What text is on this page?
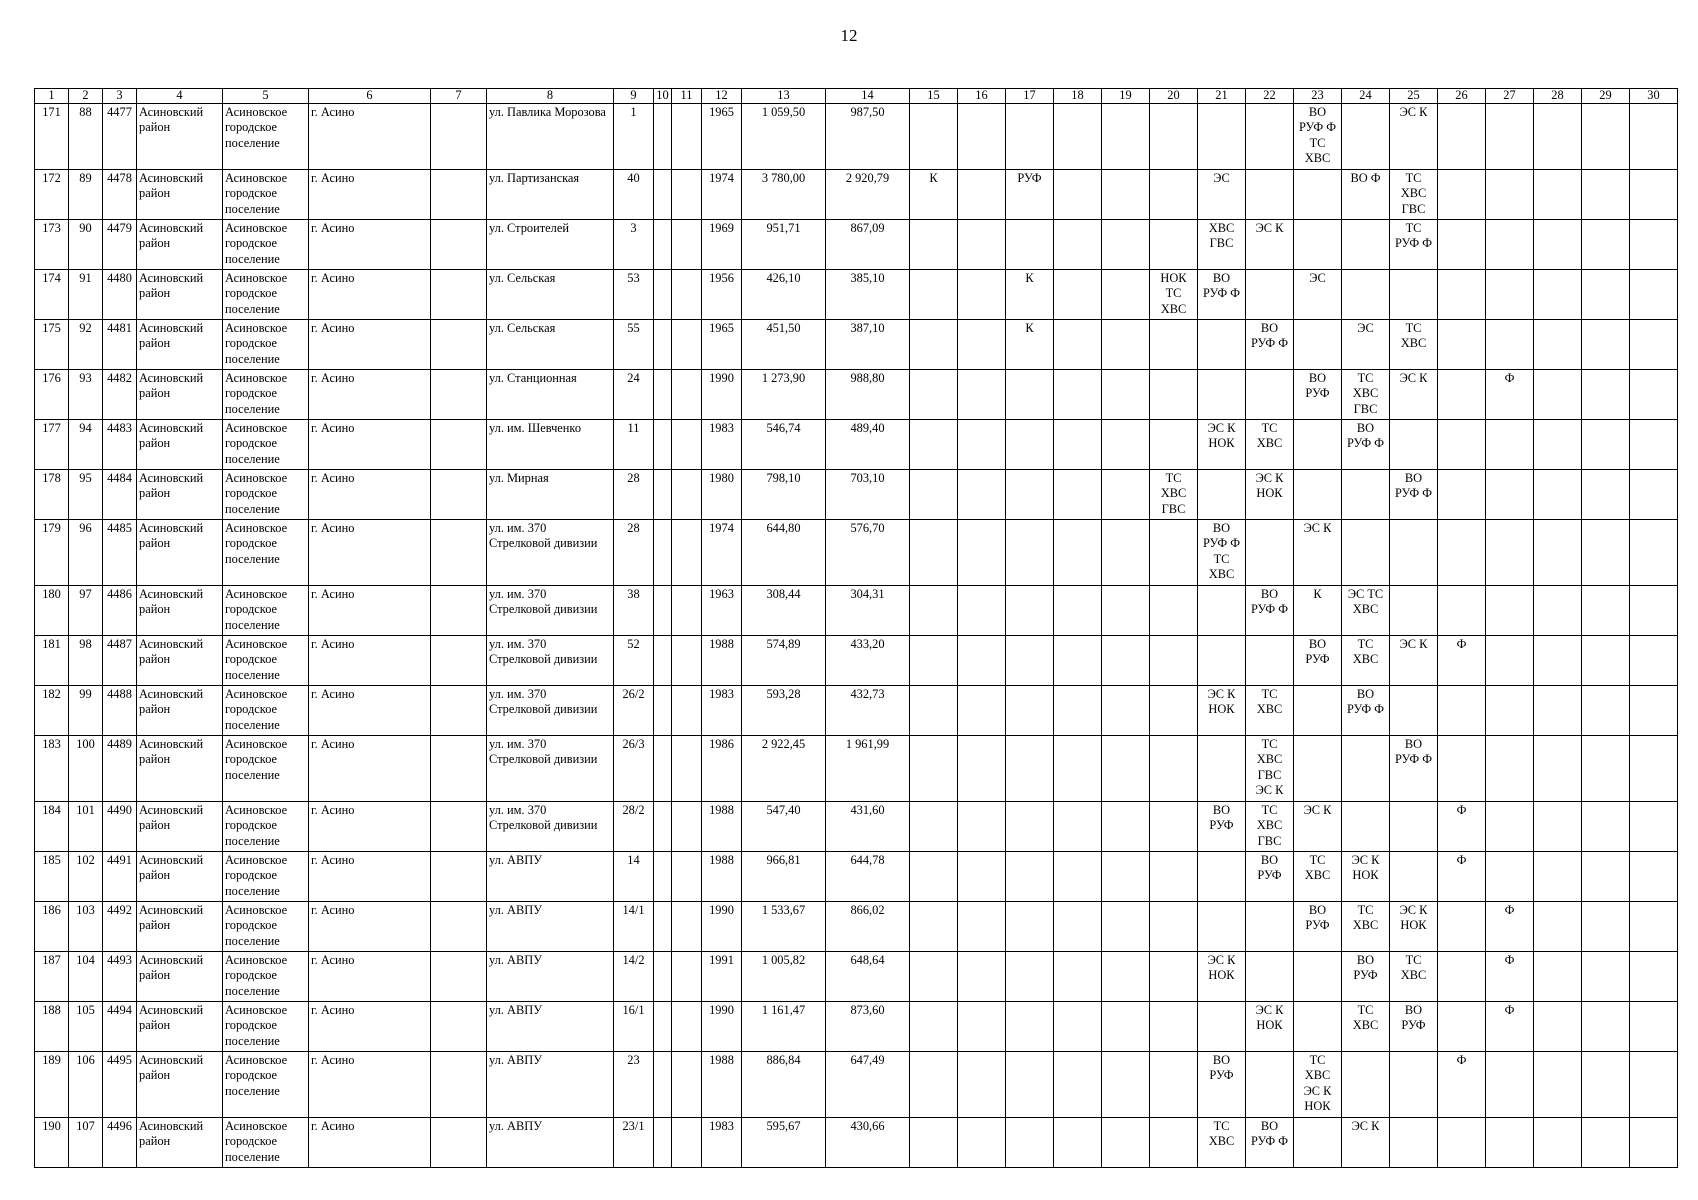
12
1	2	3	4	5	6	7	8	9	10	11	12	13	14	15	16	17	18	19	20	21	22	23	24	25	26	27	28	29	30
171	88	4477	Асиновский район	Асиновское городское поселение	г. Асино		ул. Павлика Морозова	1			1965	1 059,50	987,50									ВО
РУФ Ф
ТС
ХВС		ЭС К					
172	89	4478	Асиновский район	Асиновское городское поселение	г. Асино		ул. Партизанская	40			1974	3 780,00	2 920,79	К		РУФ				ЭС			ВО Ф	ТС
ХВС
ГВС					
173	90	4479	Асиновский район	Асиновское городское поселение	г. Асино		ул. Строителей	3			1969	951,71	867,09							ХВС
ГВС	ЭС К			ТС
РУФ Ф					
174	91	4480	Асиновский район	Асиновское городское поселение	г. Асино		ул. Сельская	53			1956	426,10	385,10			К			НОК
ТС
ХВС	ВО
РУФ Ф		ЭС							
175	92	4481	Асиновский район	Асиновское городское поселение	г. Асино		ул. Сельская	55			1965	451,50	387,10			К					ВО
РУФ Ф		ЭС	ТС
ХВС					
176	93	4482	Асиновский район	Асиновское городское поселение	г. Асино		ул. Станционная	24			1990	1 273,90	988,80									ВО
РУФ	ТС
ХВС
ГВС	ЭС К		Ф			
177	94	4483	Асиновский район	Асиновское городское поселение	г. Асино		ул. им. Шевченко	11			1983	546,74	489,40							ЭС К
НОК	ТС
ХВС		ВО
РУФ Ф						
178	95	4484	Асиновский район	Асиновское городское поселение	г. Асино		ул. Мирная	28			1980	798,10	703,10						ТС
ХВС
ГВС		ЭС К
НОК			ВО
РУФ Ф					
179	96	4485	Асиновский район	Асиновское городское поселение	г. Асино		ул. им. 370 Стрелковой дивизии	28			1974	644,80	576,70							ВО
РУФ Ф
ТС
ХВС		ЭС К							
180	97	4486	Асиновский район	Асиновское городское поселение	г. Асино		ул. им. 370 Стрелковой дивизии	38			1963	308,44	304,31								ВО
РУФ Ф	К	ЭС ТС
ХВС						
181	98	4487	Асиновский район	Асиновское городское поселение	г. Асино		ул. им. 370 Стрелковой дивизии	52			1988	574,89	433,20									ВО
РУФ	ТС
ХВС	ЭС К	Ф				
182	99	4488	Асиновский район	Асиновское городское поселение	г. Асино		ул. им. 370 Стрелковой дивизии	26/2			1983	593,28	432,73							ЭС К
НОК	ТС
ХВС		ВО
РУФ Ф						
183	100	4489	Асиновский район	Асиновское городское поселение	г. Асино		ул. им. 370 Стрелковой дивизии	26/3			1986	2 922,45	1 961,99								ТС
ХВС
ГВС
ЭС К			ВО
РУФ Ф					
184	101	4490	Асиновский район	Асиновское городское поселение	г. Асино		ул. им. 370 Стрелковой дивизии	28/2			1988	547,40	431,60							ВО
РУФ	ТС
ХВС
ГВС	ЭС К			Ф				
185	102	4491	Асиновский район	Асиновское городское поселение	г. Асино		ул. АВПУ	14			1988	966,81	644,78								ВО
РУФ	ТС
ХВС	ЭС К
НОК		Ф				
186	103	4492	Асиновский район	Асиновское городское поселение	г. Асино		ул. АВПУ	14/1			1990	1 533,67	866,02									ВО
РУФ	ТС
ХВС	ЭС К
НОК		Ф			
187	104	4493	Асиновский район	Асиновское городское поселение	г. Асино		ул. АВПУ	14/2			1991	1 005,82	648,64							ЭС К
НОК			ВО
РУФ	ТС
ХВС		Ф			
188	105	4494	Асиновский район	Асиновское городское поселение	г. Асино		ул. АВПУ	16/1			1990	1 161,47	873,60								ЭС К
НОК		ТС
ХВС	ВО
РУФ		Ф			
189	106	4495	Асиновский район	Асиновское городское поселение	г. Асино		ул. АВПУ	23			1988	886,84	647,49							ВО
РУФ		ТС
ХВС
ЭС К
НОК			Ф				
190	107	4496	Асиновский район	Асиновское городское поселение	г. Асино		ул. АВПУ	23/1			1983	595,67	430,66							ТС
ХВС	ВО
РУФ Ф		ЭС К						
